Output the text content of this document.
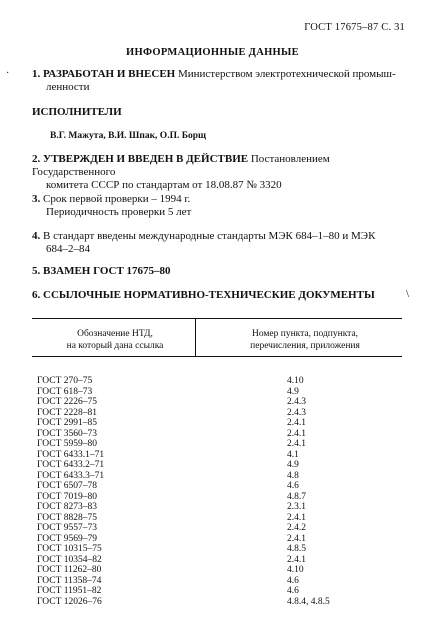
ГОСТ 17675–87 С. 31
·
ИНФОРМАЦИОННЫЕ ДАННЫЕ
1. РАЗРАБОТАН И ВНЕСЕН Министерством электротехнической промыш-
ленности
ИСПОЛНИТЕЛИ
В.Г. Мажута, В.И. Шпак, О.П. Борщ
2. УТВЕРЖДЕН И ВВЕДЕН В ДЕЙСТВИЕ Постановлением Государственного
комитета СССР по стандартам от 18.08.87 № 3320
3. Срок первой проверки – 1994 г.
Периодичность проверки 5 лет
4. В стандарт введены международные стандарты МЭК 684–1–80 и МЭК
684–2–84
5. ВЗАМЕН ГОСТ 17675–80
6. ССЫЛОЧНЫЕ НОРМАТИВНО-ТЕХНИЧЕСКИЕ ДОКУМЕНТЫ	\
Обозначение НТД,
на который дана ссылка
Номер пункта, подпункта,
перечисления, приложения
ГОСТ 270–75	4.10
ГОСТ 618–73	4.9
ГОСТ 2226–75	2.4.3
ГОСТ 2228–81	2.4.3
ГОСТ 2991–85	2.4.1
ГОСТ 3560–73	2.4.1
ГОСТ 5959–80	2.4.1
ГОСТ 6433.1–71	4.1
ГОСТ 6433.2–71	4.9
ГОСТ 6433.3–71	4.8
ГОСТ 6507–78	4.6
ГОСТ 7019–80	4.8.7
ГОСТ 8273–83	2.3.1
ГОСТ 8828–75	2.4.1
ГОСТ 9557–73	2.4.2
ГОСТ 9569–79	2.4.1
ГОСТ 10315–75	4.8.5
ГОСТ 10354–82	2.4.1
ГОСТ 11262–80	4.10
ГОСТ 11358–74	4.6
ГОСТ 11951–82	4.6
ГОСТ 12026–76	4.8.4, 4.8.5
